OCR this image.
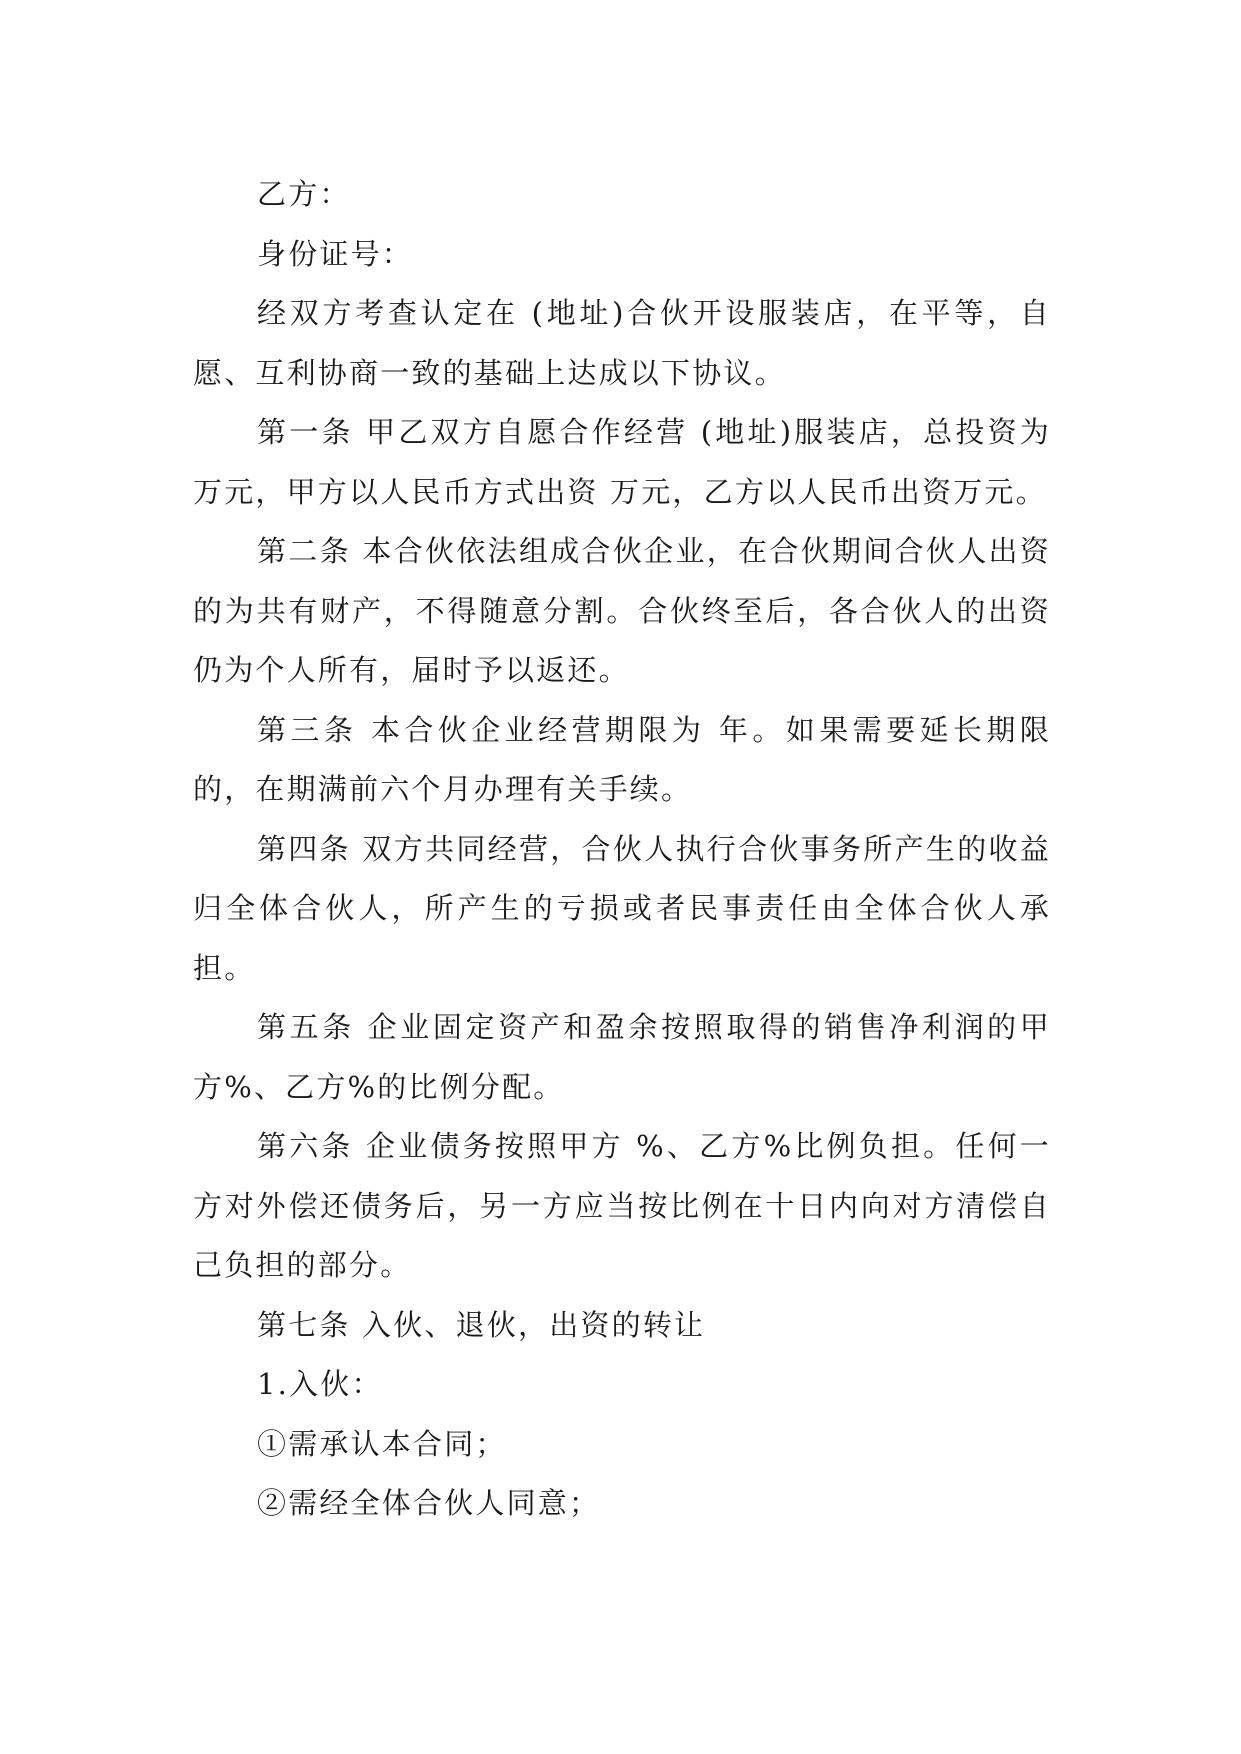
乙方：

身份证号：

经双方考查认定在 (地址)合伙开设服装店，在平等，自愿、互利协商一致的基础上达成以下协议。

第一条 甲乙双方自愿合作经营 (地址)服装店，总投资为万元，甲方以人民币方式出资 万元，乙方以人民币出资万元。

第二条 本合伙依法组成合伙企业，在合伙期间合伙人出资的为共有财产，不得随意分割。合伙终至后，各合伙人的出资仍为个人所有，届时予以返还。

第三条 本合伙企业经营期限为 年。如果需要延长期限的，在期满前六个月办理有关手续。

第四条 双方共同经营，合伙人执行合伙事务所产生的收益归全体合伙人，所产生的亏损或者民事责任由全体合伙人承担。

第五条 企业固定资产和盈余按照取得的销售净利润的甲方%、乙方%的比例分配。

第六条 企业债务按照甲方 %、乙方%比例负担。任何一方对外偿还债务后，另一方应当按比例在十日内向对方清偿自己负担的部分。

第七条 入伙、退伙，出资的转让

1.入伙：

①需承认本合同；

②需经全体合伙人同意；
